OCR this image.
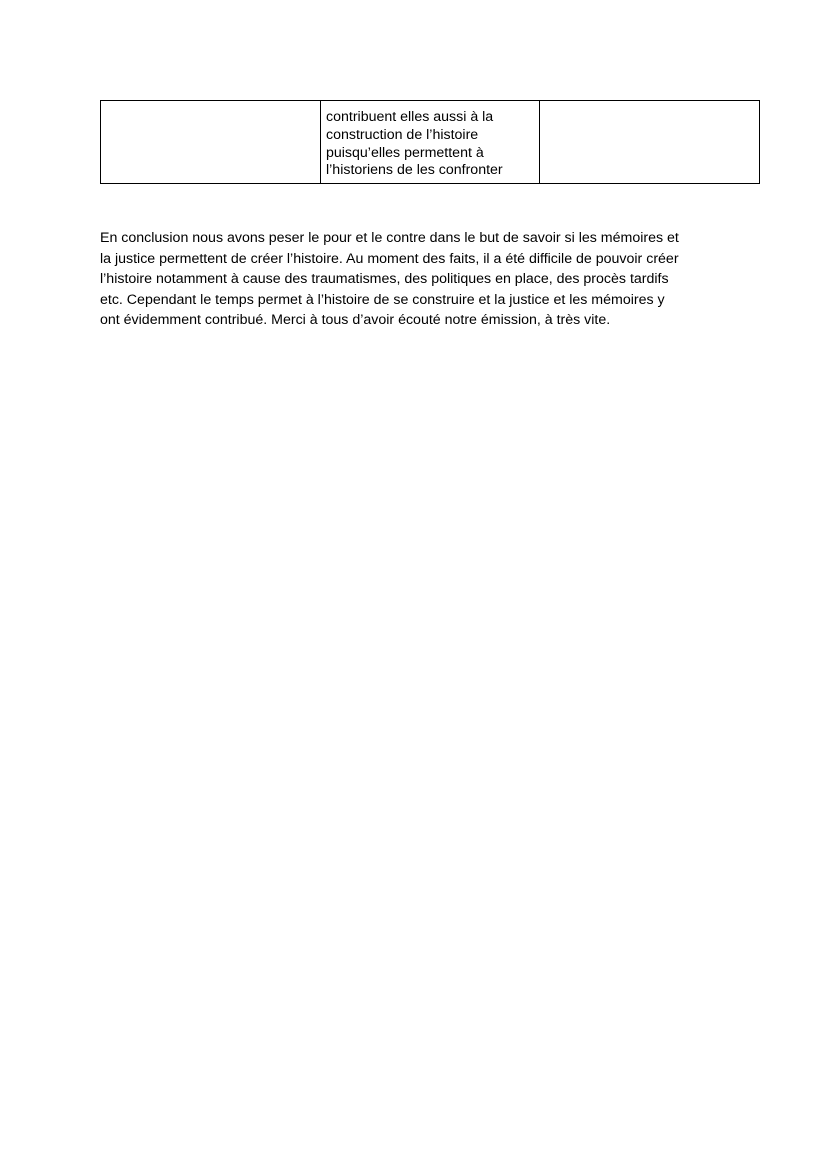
contribuent elles aussi à la
construction de l’histoire
puisqu’elles permettent à
l’historiens de les confronter

En conclusion nous avons peser le pour et le contre dans le but de savoir si les mémoires et
la justice permettent de créer l’histoire. Au moment des faits, il a été difficile de pouvoir créer
l’histoire notamment à cause des traumatismes, des politiques en place, des procès tardifs
etc. Cependant le temps permet à l’histoire de se construire et la justice et les mémoires y
ont évidemment contribué. Merci à tous d’avoir écouté notre émission, à très vite.
